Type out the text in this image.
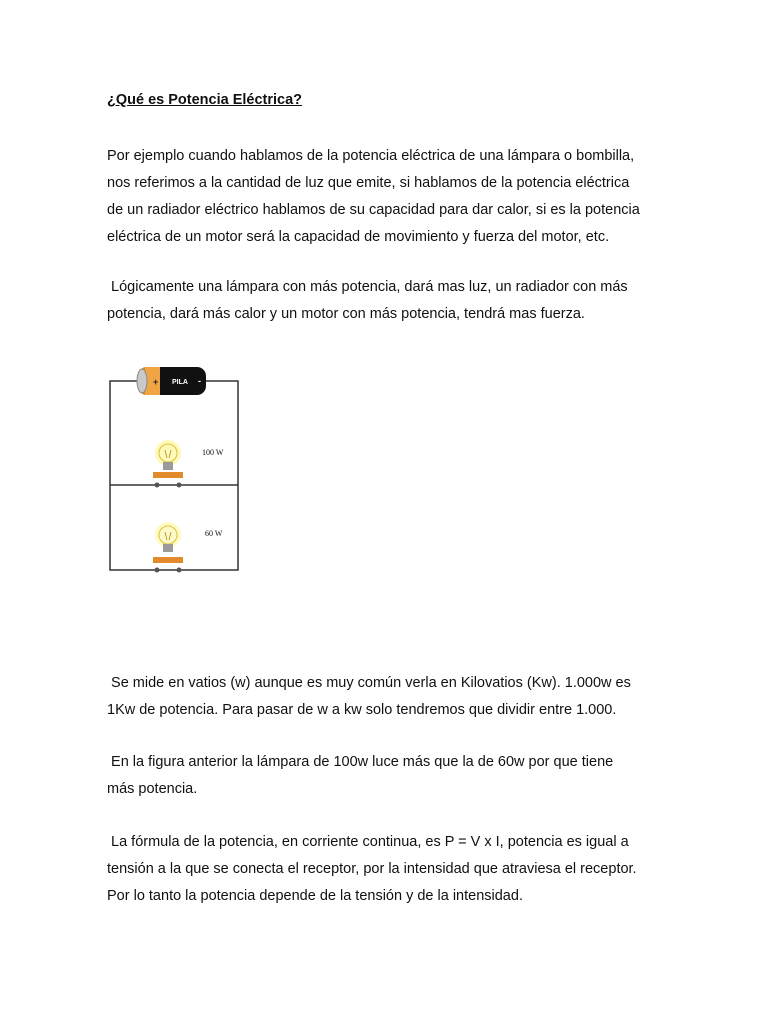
¿Qué es Potencia Eléctrica?

Por ejemplo cuando hablamos de la potencia eléctrica de una lámpara o bombilla,
nos referimos a la cantidad de luz que emite, si hablamos de la potencia eléctrica
de un radiador eléctrico hablamos de su capacidad para dar calor, si es la potencia
eléctrica de un motor será la capacidad de movimiento y fuerza del motor, etc.

Lógicamente una lámpara con más potencia, dará mas luz, un radiador con más
potencia, dará más calor y un motor con más potencia, tendrá mas fuerza.

+ PILA -
100 W
60 W

Se mide en vatios (w) aunque es muy común verla en Kilovatios (Kw). 1.000w es
1Kw de potencia. Para pasar de w a kw solo tendremos que dividir entre 1.000.

En la figura anterior la lámpara de 100w luce más que la de 60w por que tiene
más potencia.

La fórmula de la potencia, en corriente continua, es P = V x I, potencia es igual a
tensión a la que se conecta el receptor, por la intensidad que atraviesa el receptor.
Por lo tanto la potencia depende de la tensión y de la intensidad.
